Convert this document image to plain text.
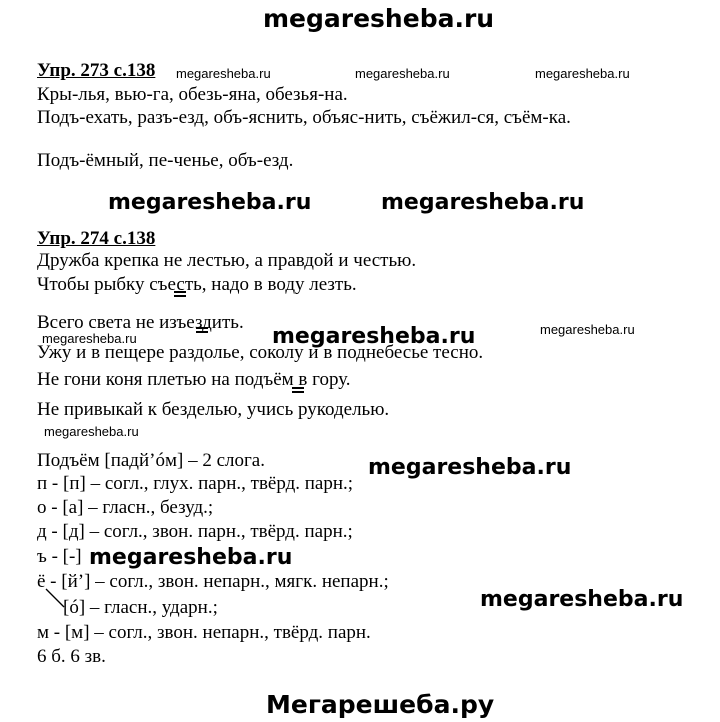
megaresheba.ru
Упр. 273 с.138 megaresheba.ru	megaresheba.ru	megaresheba.ru
Кры-лья, вью-га, обезь-яна, обезья-на.
Подъ-ехать, разъ-езд, объ-яснить, объяс-нить, съёжил-ся, съём-ка.
Подъ-ёмный, пе-ченье, объ-езд.
megaresheba.ru	megaresheba.ru
Упр. 274 с.138
Дружба крепка не лестью, а правдой и честью.
Чтобы рыбку съесть, надо в воду лезть.
Всего света не изъездить.
megaresheba.ru	megaresheba.ru	megaresheba.ru
Ужу и в пещере раздолье, соколу и в поднебесье тесно.
Не гони коня плетью на подъём в гору.
Не привыкай к безделью, учись рукоделью.
megaresheba.ru
Подъём [падй’óм] – 2 слога.	megaresheba.ru
п - [п] – согл., глух. парн., твёрд. парн.;
о - [а] – гласн., безуд.;
д - [д] – согл., звон. парн., твёрд. парн.;
ъ - [-] megaresheba.ru
ё - [й’] – согл., звон. непарн., мягк. непарн.;
megaresheba.ru
[ó] – гласн., ударн.;
м - [м] – согл., звон. непарн., твёрд. парн.
6 б. 6 зв.
Мегарешеба.ру
